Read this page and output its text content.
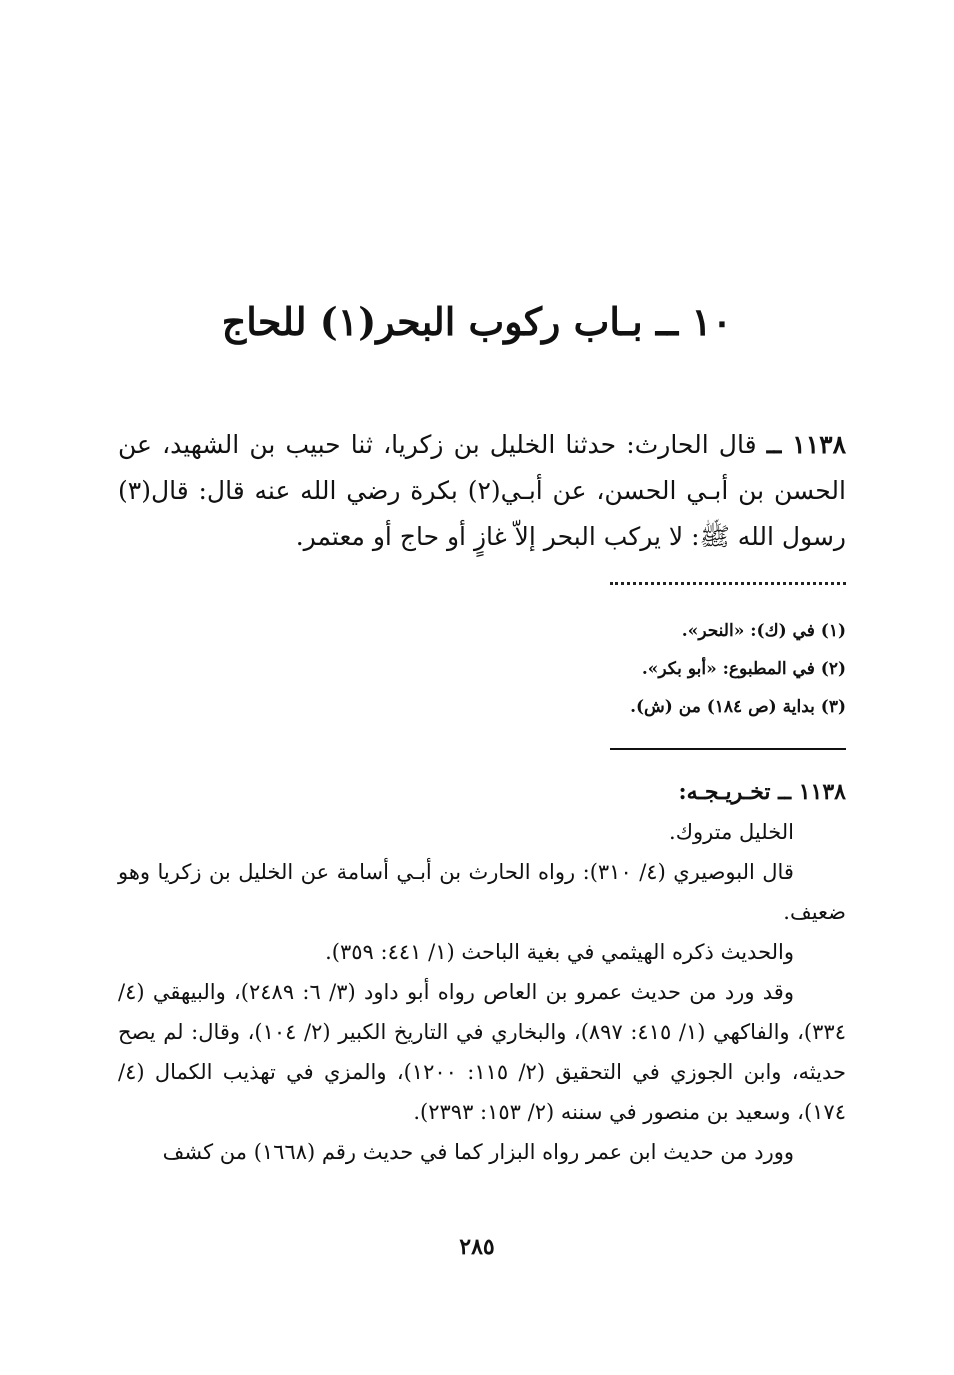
١٠ ــ بـاب ركوب البحر(١) للحاج
١١٣٨ ــ قال الحارث: حدثنا الخليل بن زكريا، ثنا حبيب بن الشهيد، عن الحسن بن أبـي الحسن، عن أبـي(٢) بكرة رضي الله عنه قال: قال(٣) رسول الله ﷺ: لا يركب البحر إلاّ غازٍ أو حاج أو معتمر.
(١) في (ك): «النحر».
(٢) في المطبوع: «أبو بكر».
(٣) بداية (ص ١٨٤) من (ش).

١١٣٨ ــ تخـريـجـه:

الخليل متروك.

قال البوصيري (٤/ ٣١٠): رواه الحارث بن أبـي أسامة عن الخليل بن زكريا وهو ضعيف.

والحديث ذكره الهيثمي في بغية الباحث (١/ ٤٤١: ٣٥٩).

وقد ورد من حديث عمرو بن العاص رواه أبو داود (٣/ ٦: ٢٤٨٩)، والبيهقي (٤/ ٣٣٤)، والفاكهي (١/ ٤١٥: ٨٩٧)، والبخاري في التاريخ الكبير (٢/ ١٠٤)، وقال: لم يصح حديثه، وابن الجوزي في التحقيق (٢/ ١١٥: ١٢٠٠)، والمزي في تهذيب الكمال (٤/ ١٧٤)، وسعيد بن منصور في سننه (٢/ ١٥٣: ٢٣٩٣).

وورد من حديث ابن عمر رواه البزار كما في حديث رقم (١٦٦٨) من كشف

٢٨٥
